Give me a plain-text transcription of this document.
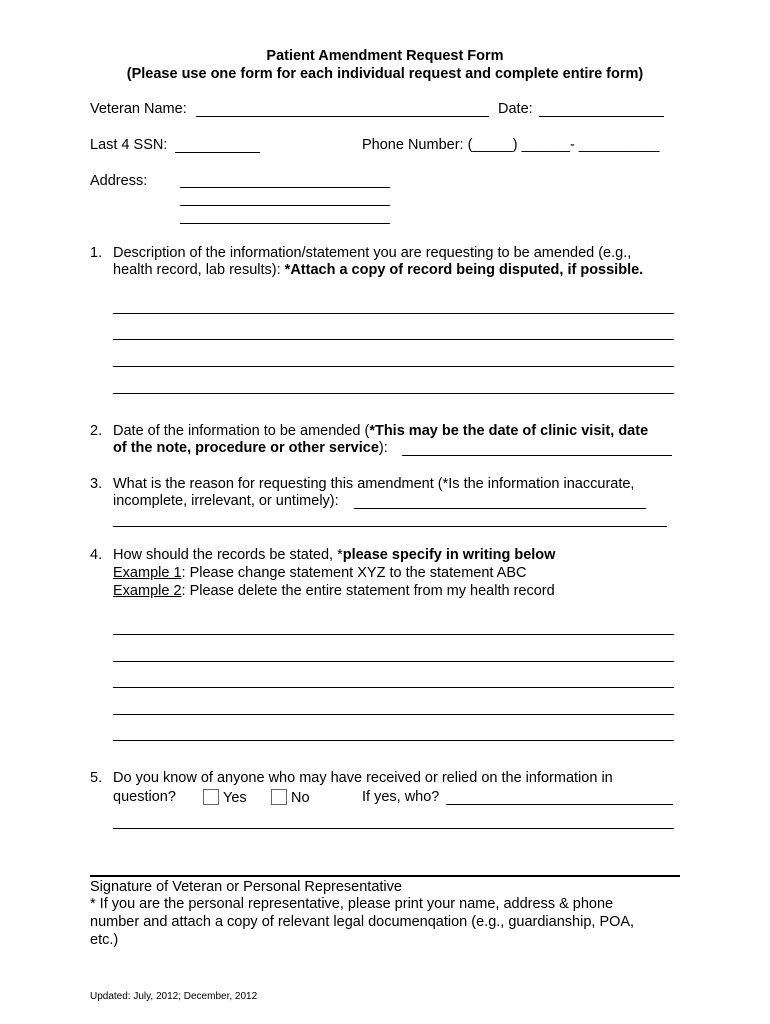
Patient Amendment Request Form
(Please use one form for each individual request and complete entire form)
Veteran Name:	Date:
Last 4 SSN:	Phone Number: (_____) ______- __________
Address:
1. Description of the information/statement you are requesting to be amended (e.g.,
health record, lab results): *Attach a copy of record being disputed, if possible.
2. Date of the information to be amended (*This may be the date of clinic visit, date
of the note, procedure or other service):
3. What is the reason for requesting this amendment (*Is the information inaccurate,
incomplete, irrelevant, or untimely):
4. How should the records be stated, *please specify in writing below
Example 1: Please change statement XYZ to the statement ABC
Example 2: Please delete the entire statement from my health record
5. Do you know of anyone who may have received or relied on the information in
question?	Yes	No	If yes, who?
Signature of Veteran or Personal Representative
* If you are the personal representative, please print your name, address & phone
number and attach a copy of relevant legal documenqation (e.g., guardianship, POA,
etc.)
Updated: July, 2012; December, 2012
